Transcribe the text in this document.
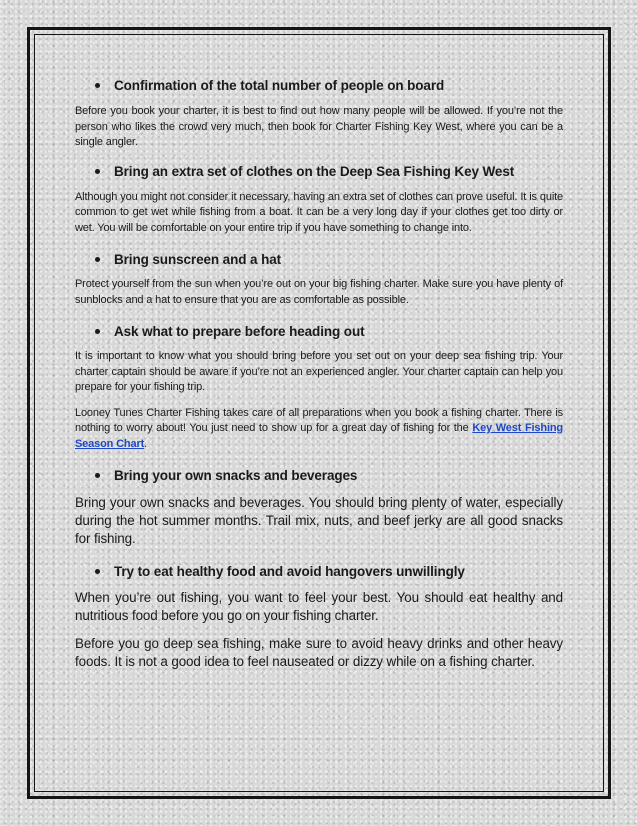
Confirmation of the total number of people on board

Before you book your charter, it is best to find out how many people will be allowed. If you’re not the person who likes the crowd very much, then book for Charter Fishing Key West, where you can be a single angler.

Bring an extra set of clothes on the Deep Sea Fishing Key West

Although you might not consider it necessary, having an extra set of clothes can prove useful. It is quite common to get wet while fishing from a boat. It can be a very long day if your clothes get too dirty or wet. You will be comfortable on your entire trip if you have something to change into.

Bring sunscreen and a hat

Protect yourself from the sun when you’re out on your big fishing charter. Make sure you have plenty of sunblocks and a hat to ensure that you are as comfortable as possible.

Ask what to prepare before heading out

It is important to know what you should bring before you set out on your deep sea fishing trip. Your charter captain should be aware if you’re not an experienced angler. Your charter captain can help you prepare for your fishing trip.

Looney Tunes Charter Fishing takes care of all preparations when you book a fishing charter. There is nothing to worry about! You just need to show up for a great day of fishing for the Key West Fishing Season Chart.

Bring your own snacks and beverages

Bring your own snacks and beverages. You should bring plenty of water, especially during the hot summer months. Trail mix, nuts, and beef jerky are all good snacks for fishing.

Try to eat healthy food and avoid hangovers unwillingly

When you’re out fishing, you want to feel your best. You should eat healthy and nutritious food before you go on your fishing charter.

Before you go deep sea fishing, make sure to avoid heavy drinks and other heavy foods. It is not a good idea to feel nauseated or dizzy while on a fishing charter.
